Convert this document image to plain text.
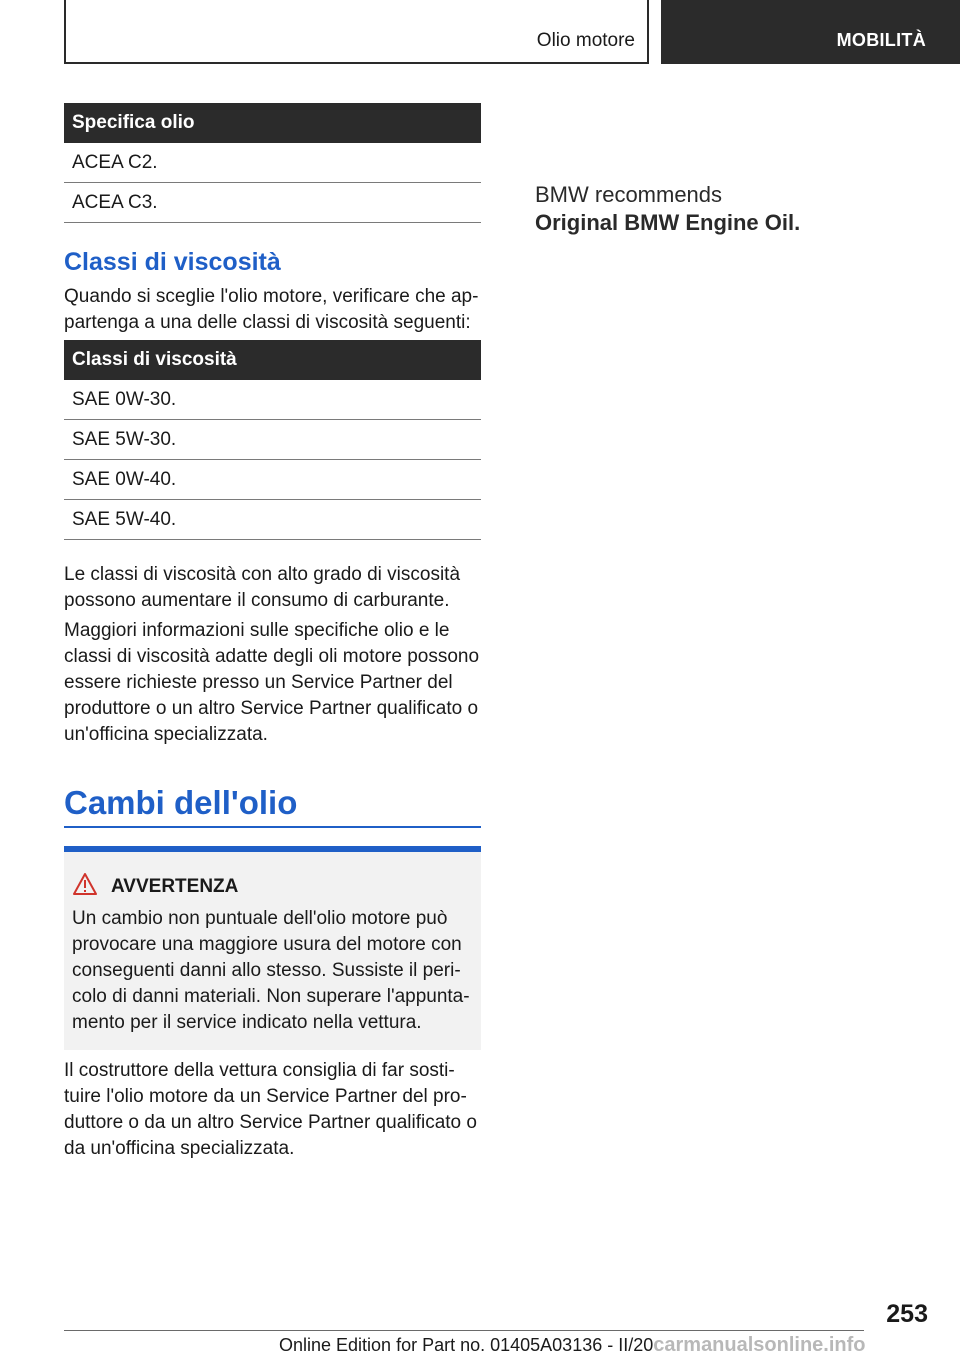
Olio motore	MOBILITÀ
Specifica olio
ACEA C2.
ACEA C3.
Classi di viscosità

Quando si sceglie l'olio motore, verificare che ap‐

partenga a una delle classi di viscosità seguenti:

Classi di viscosità
SAE 0W-30.
SAE 5W-30.
SAE 0W-40.
SAE 5W-40.

Le classi di viscosità con alto grado di viscosità

possono aumentare il consumo di carburante.

Maggiori informazioni sulle specifiche olio e le

classi di viscosità adatte degli oli motore possono

essere richieste presso un Service Partner del

produttore o un altro Service Partner qualificato o

un'officina specializzata.

Cambi dell'olio
AVVERTENZA

Un cambio non puntuale dell'olio motore può

provocare una maggiore usura del motore con

conseguenti danni allo stesso. Sussiste il peri‐

colo di danni materiali. Non superare l'appunta‐

mento per il service indicato nella vettura.

Il costruttore della vettura consiglia di far sosti‐

tuire l'olio motore da un Service Partner del pro‐

duttore o da un altro Service Partner qualificato o

da un'officina specializzata.

BMW recommends
Original BMW Engine Oil.
253
Online Edition for Part no. 01405A03136 - II/20carmanualsonline.info
